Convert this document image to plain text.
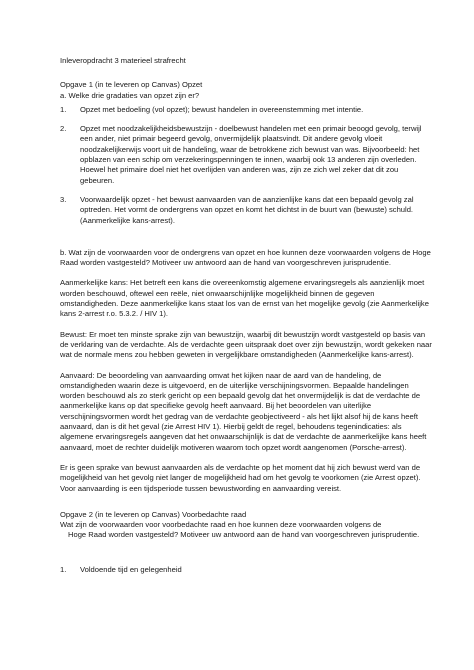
Inleveropdracht 3 materieel strafrecht

Opgave 1 (in te leveren op Canvas) Opzet

a. Welke drie gradaties van opzet zijn er?

1. Opzet met bedoeling (vol opzet); bewust handelen in overeenstemming met intentie.
2. Opzet met noodzakelijkheidsbewustzijn - doelbewust handelen met een primair beoogd gevolg, terwijl een ander, niet primair begeerd gevolg, onvermijdelijk plaatsvindt. Dit andere gevolg vloeit noodzakelijkerwijs voort uit de handeling, waar de betrokkene zich bewust van was. Bijvoorbeeld: het opblazen van een schip om verzekeringspenningen te innen, waarbij ook 13 anderen zijn overleden. Hoewel het primaire doel niet het overlijden van anderen was, zijn ze zich wel zeker dat dit zou gebeuren.
3. Voorwaardelijk opzet - het bewust aanvaarden van de aanzienlijke kans dat een bepaald gevolg zal optreden. Het vormt de ondergrens van opzet en komt het dichtst in de buurt van (bewuste) schuld. (Aanmerkelijke kans-arrest).

b. Wat zijn de voorwaarden voor de ondergrens van opzet en hoe kunnen deze voorwaarden volgens de Hoge Raad worden vastgesteld? Motiveer uw antwoord aan de hand van voorgeschreven jurisprudentie.

Aanmerkelijke kans: Het betreft een kans die overeenkomstig algemene ervaringsregels als aanzienlijk moet worden beschouwd, oftewel een reële, niet onwaarschijnlijke mogelijkheid binnen de gegeven omstandigheden. Deze aanmerkelijke kans staat los van de ernst van het mogelijke gevolg (zie Aanmerkelijke kans 2-arrest r.o. 5.3.2. / HIV 1).

Bewust: Er moet ten minste sprake zijn van bewustzijn, waarbij dit bewustzijn wordt vastgesteld op basis van de verklaring van de verdachte. Als de verdachte geen uitspraak doet over zijn bewustzijn, wordt gekeken naar wat de normale mens zou hebben geweten in vergelijkbare omstandigheden (Aanmerkelijke kans-arrest).

Aanvaard: De beoordeling van aanvaarding omvat het kijken naar de aard van de handeling, de omstandigheden waarin deze is uitgevoerd, en de uiterlijke verschijningsvormen. Bepaalde handelingen worden beschouwd als zo sterk gericht op een bepaald gevolg dat het onvermijdelijk is dat de verdachte de aanmerkelijke kans op dat specifieke gevolg heeft aanvaard. Bij het beoordelen van uiterlijke verschijningsvormen wordt het gedrag van de verdachte geobjectiveerd - als het lijkt alsof hij de kans heeft aanvaard, dan is dit het geval (zie Arrest HIV 1). Hierbij geldt de regel, behoudens tegenindicaties: als algemene ervaringsregels aangeven dat het onwaarschijnlijk is dat de verdachte de aanmerkelijke kans heeft aanvaard, moet de rechter duidelijk motiveren waarom toch opzet wordt aangenomen (Porsche-arrest).

Er is geen sprake van bewust aanvaarden als de verdachte op het moment dat hij zich bewust werd van de mogelijkheid van het gevolg niet langer de mogelijkheid had om het gevolg te voorkomen (zie Arrest opzet). Voor aanvaarding is een tijdsperiode tussen bewustwording en aanvaarding vereist.

Opgave 2 (in te leveren op Canvas) Voorbedachte raad

Wat zijn de voorwaarden voor voorbedachte raad en hoe kunnen deze voorwaarden volgens de
Hoge Raad worden vastgesteld? Motiveer uw antwoord aan de hand van voorgeschreven jurisprudentie.

1. Voldoende tijd en gelegenheid
